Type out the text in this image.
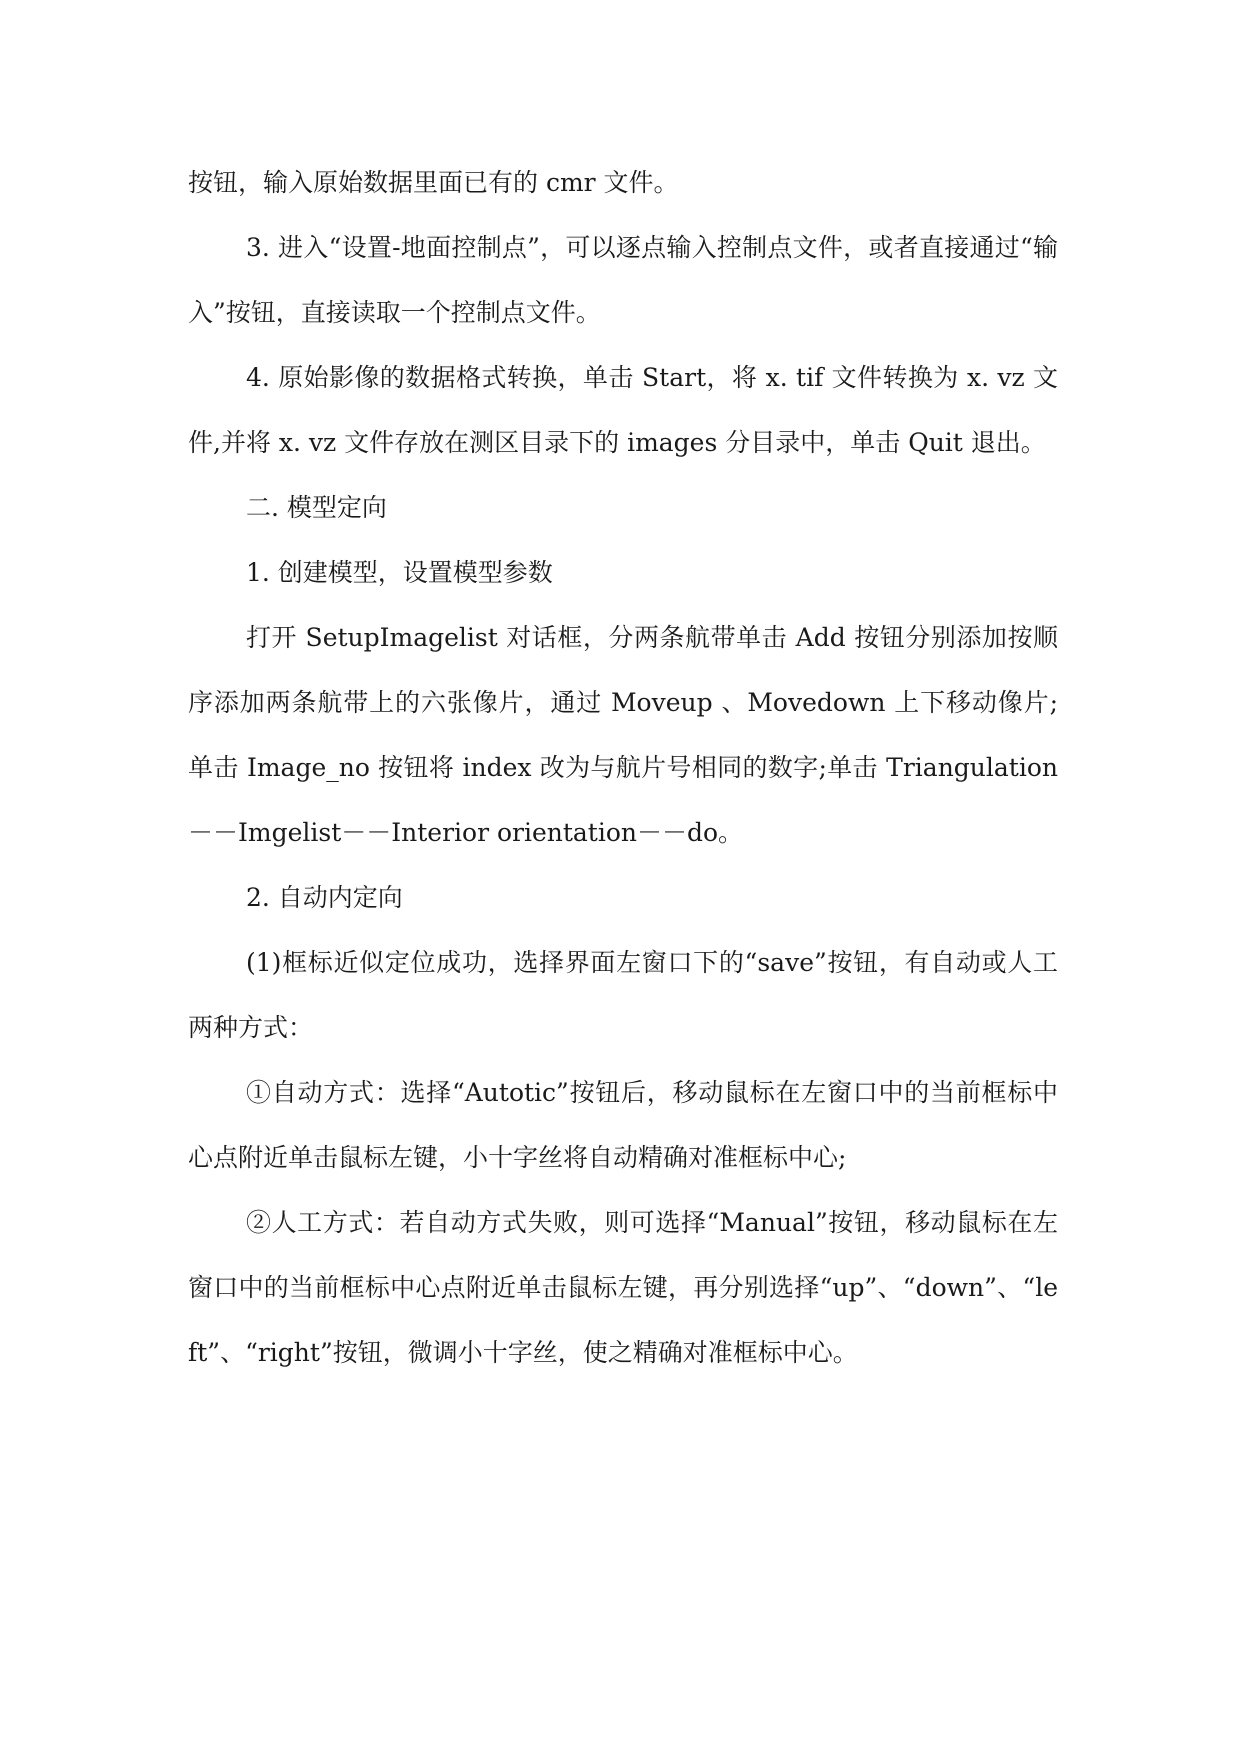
按钮，输入原始数据里面已有的 cmr 文件。

3. 进入“设置-地面控制点”，可以逐点输入控制点文件，或者直接通过“输入”按钮，直接读取一个控制点文件。

4. 原始影像的数据格式转换，单击 Start，将 x. tif 文件转换为 x. vz 文件,并将 x. vz 文件存放在测区目录下的 images 分目录中，单击 Quit 退出。

二. 模型定向

1. 创建模型，设置模型参数

打开 SetupImagelist 对话框，分两条航带单击 Add 按钮分别添加按顺序添加两条航带上的六张像片，通过 Moveup 、Movedown 上下移动像片;单击 Image_no 按钮将 index 改为与航片号相同的数字;单击 Triangulation－－Imgelist－－Interior orientation－－do。

2. 自动内定向

(1)框标近似定位成功，选择界面左窗口下的“save”按钮，有自动或人工两种方式：

①自动方式：选择“Autotic”按钮后，移动鼠标在左窗口中的当前框标中心点附近单击鼠标左键，小十字丝将自动精确对准框标中心;

②人工方式：若自动方式失败，则可选择“Manual”按钮，移动鼠标在左窗口中的当前框标中心点附近单击鼠标左键，再分别选择“up”、“down”、“left”、“right”按钮，微调小十字丝，使之精确对准框标中心。
